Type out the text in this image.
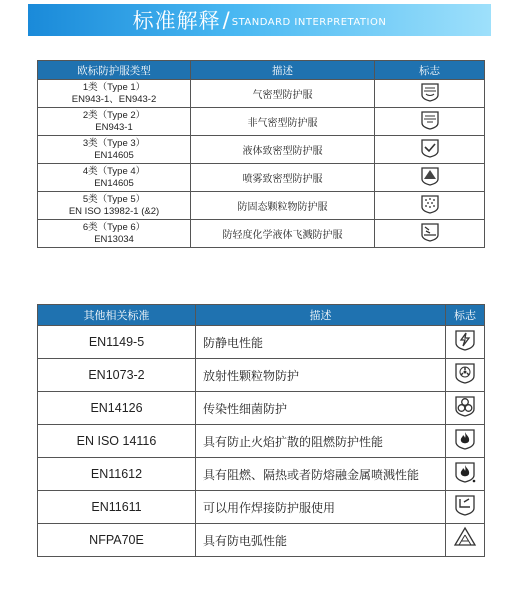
标准解释 / STANDARD INTERPRETATION
欧标防护服类型	描述	标志

1类（Type 1）
EN943-1、EN943-2	气密型防护服	

2类（Type 2）
EN943-1	非气密型防护服	

3类（Type 3）
EN14605	液体致密型防护服	

4类（Type 4）
EN14605	喷雾致密型防护服	

5类（Type 5）
EN ISO 13982-1 (&2)	防固态颗粒物防护服	

6类（Type 6）
EN13034	防轻度化学液体飞溅防护服	
其他相关标准	描述	标志
EN1149-5	防静电性能	

EN1073-2	放射性颗粒物防护	

EN14126	传染性细菌防护	

EN ISO 14116	具有防止火焰扩散的阻燃防护性能	

EN11612	具有阻燃、隔热或者防熔融金属喷溅性能	

EN11611	可以用作焊接防护服使用	

NFPA70E	具有防电弧性能	
